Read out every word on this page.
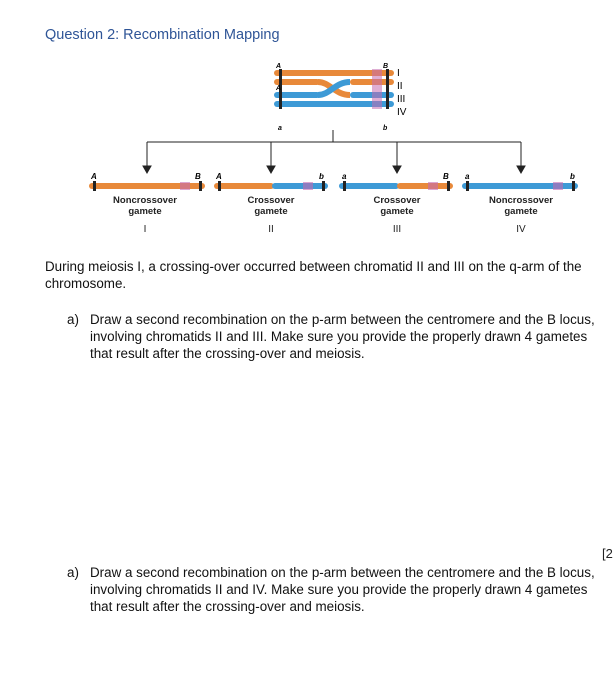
Question 2: Recombination Mapping
A
A
a
B
b
I
II
III
IV
A	B A	b a	B a	b
Noncrossover
gamete
Crossover
gamete
Crossover
gamete
Noncrossover
gamete
I	II	III	IV
During meiosis I, a crossing-over occurred between chromatid II and III on the q-arm of the chromosome.
a) Draw a second recombination on the p-arm between the centromere and the B locus, involving chromatids II and III. Make sure you provide the properly drawn 4 gametes that result after the crossing-over and meiosis.
[2
a) Draw a second recombination on the p-arm between the centromere and the B locus, involving chromatids II and IV. Make sure you provide the properly drawn 4 gametes that result after the crossing-over and meiosis.
